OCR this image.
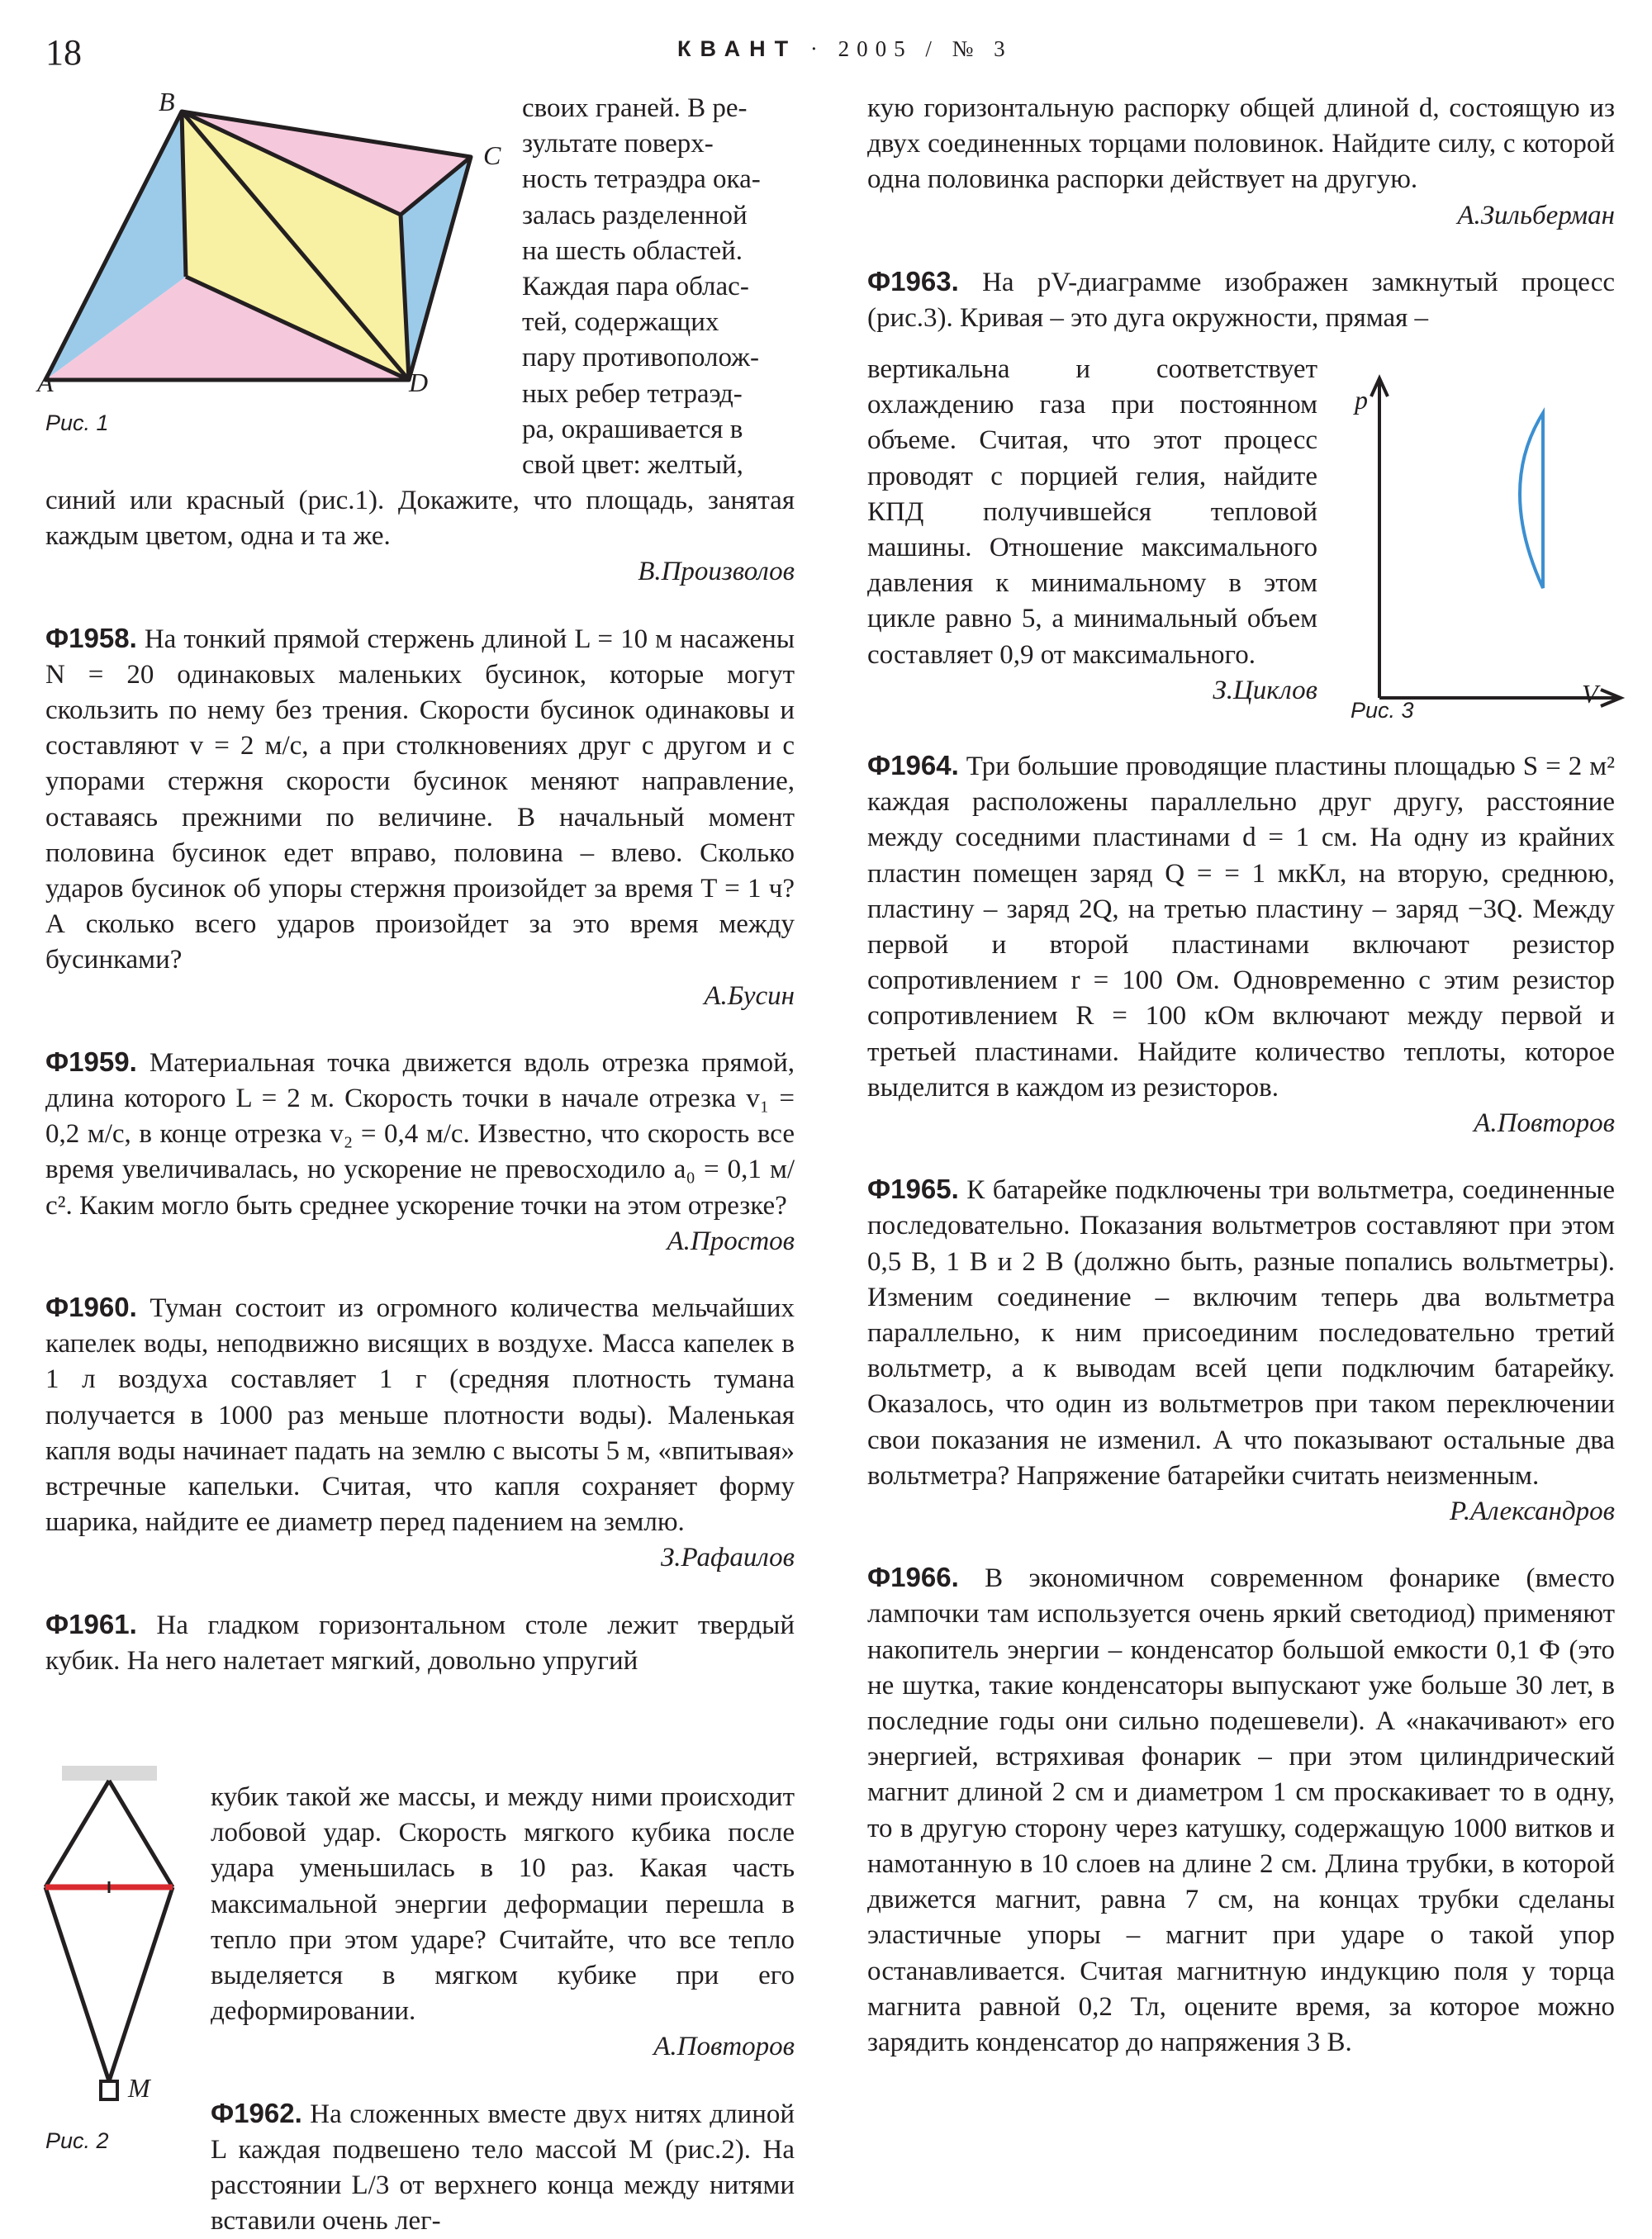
18	КВАНТ · 2005 / № 3
B
C
A	D
Рис. 1

своих граней. В ре-

зультате поверх-

ность тетраэдра ока-

залась разделенной

на шесть областей.

Каждая пара облас-

тей, содержащих

пару противополож-

ных ребер тетраэд-

ра, окрашивается в

свой цвет: желтый,

синий или красный (рис.1). Докажите, что площадь, занятая каждым цветом, одна и та же.

В.Произволов

Ф1958. На тонкий прямой стержень длиной L = 10 м насажены N = 20 одинаковых маленьких бусинок, которые могут скользить по нему без трения. Скорости бусинок одинаковы и составляют v = 2 м/с, а при столкновениях друг с другом и с упорами стержня скорости бусинок меняют направление, оставаясь прежними по величине. В начальный момент половина бусинок едет вправо, половина – влево. Сколько ударов бусинок об упоры стержня произойдет за время T = 1 ч? А сколько всего ударов произойдет за это время между бусинками?

А.Бусин

Ф1959. Материальная точка движется вдоль отрезка прямой, длина которого L = 2 м. Скорость точки в начале отрезка v₁ = 0,2 м/с, в конце отрезка v₂ = 0,4 м/с. Известно, что скорость все время увеличивалась, но ускорение не превосходило a₀ = 0,1 м/с². Каким могло быть среднее ускорение точки на этом отрезке?

А.Простов

Ф1960. Туман состоит из огромного количества мельчайших капелек воды, неподвижно висящих в воздухе. Масса капелек в 1 л воздуха составляет 1 г (средняя плотность тумана получается в 1000 раз меньше плотности воды). Маленькая капля воды начинает падать на землю с высоты 5 м, «впитывая» встречные капельки. Считая, что капля сохраняет форму шарика, найдите ее диаметр перед падением на землю.

З.Рафаилов

Ф1961. На гладком горизонтальном столе лежит твердый кубик. На него налетает мягкий, довольно упругий

M
Рис. 2

кубик такой же массы, и между ними происходит лобовой удар. Скорость мягкого кубика после удара уменьшилась в 10 раз. Какая часть максимальной энергии деформации перешла в тепло при этом ударе? Считайте, что все тепло выделяется в мягком кубике при его деформировании.

А.Повторов

Ф1962. На сложенных вместе двух нитях длиной L каждая подвешено тело массой M (рис.2). На расстоянии L/3 от верхнего конца между нитями вставили очень лег-

кую горизонтальную распорку общей длиной d, состоящую из двух соединенных торцами половинок. Найдите силу, с которой одна половинка распорки действует на другую.

А.Зильберман

Ф1963. На pV-диаграмме изображен замкнутый процесс (рис.3). Кривая – это дуга окружности, прямая –

вертикальна и соответствует охлаждению газа при постоянном объеме. Считая, что этот процесс проводят с порцией гелия, найдите КПД получившейся тепловой машины. Отношение максимального давления к минимальному в этом цикле равно 5, а минимальный объем составляет 0,9 от максимального.

З.Циклов

p
V
Рис. 3

Ф1964. Три большие проводящие пластины площадью S = 2 м² каждая расположены параллельно друг другу, расстояние между соседними пластинами d = 1 см. На одну из крайних пластин помещен заряд Q = = 1 мкКл, на вторую, среднюю, пластину – заряд 2Q, на третью пластину – заряд −3Q. Между первой и второй пластинами включают резистор сопротивлением r = 100 Ом. Одновременно с этим резистор сопротивлением R = 100 кОм включают между первой и третьей пластинами. Найдите количество теплоты, которое выделится в каждом из резисторов.

А.Повторов

Ф1965. К батарейке подключены три вольтметра, соединенные последовательно. Показания вольтметров составляют при этом 0,5 В, 1 В и 2 В (должно быть, разные попались вольтметры). Изменим соединение – включим теперь два вольтметра параллельно, к ним присоединим последовательно третий вольтметр, а к выводам всей цепи подключим батарейку. Оказалось, что один из вольтметров при таком переключении свои показания не изменил. А что показывают остальные два вольтметра? Напряжение батарейки считать неизменным.

Р.Александров

Ф1966. В экономичном современном фонарике (вместо лампочки там используется очень яркий светодиод) применяют накопитель энергии – конденсатор большой емкости 0,1 Ф (это не шутка, такие конденсаторы выпускают уже больше 30 лет, в последние годы они сильно подешевели). А «накачивают» его энергией, встряхивая фонарик – при этом цилиндрический магнит длиной 2 см и диаметром 1 см проскакивает то в одну, то в другую сторону через катушку, содержащую 1000 витков и намотанную в 10 слоев на длине 2 см. Длина трубки, в которой движется магнит, равна 7 см, на концах трубки сделаны эластичные упоры – магнит при ударе о такой упор останавливается. Считая магнитную индукцию поля у торца магнита равной 0,2 Тл, оцените время, за которое можно зарядить конденсатор до напряжения 3 В.
